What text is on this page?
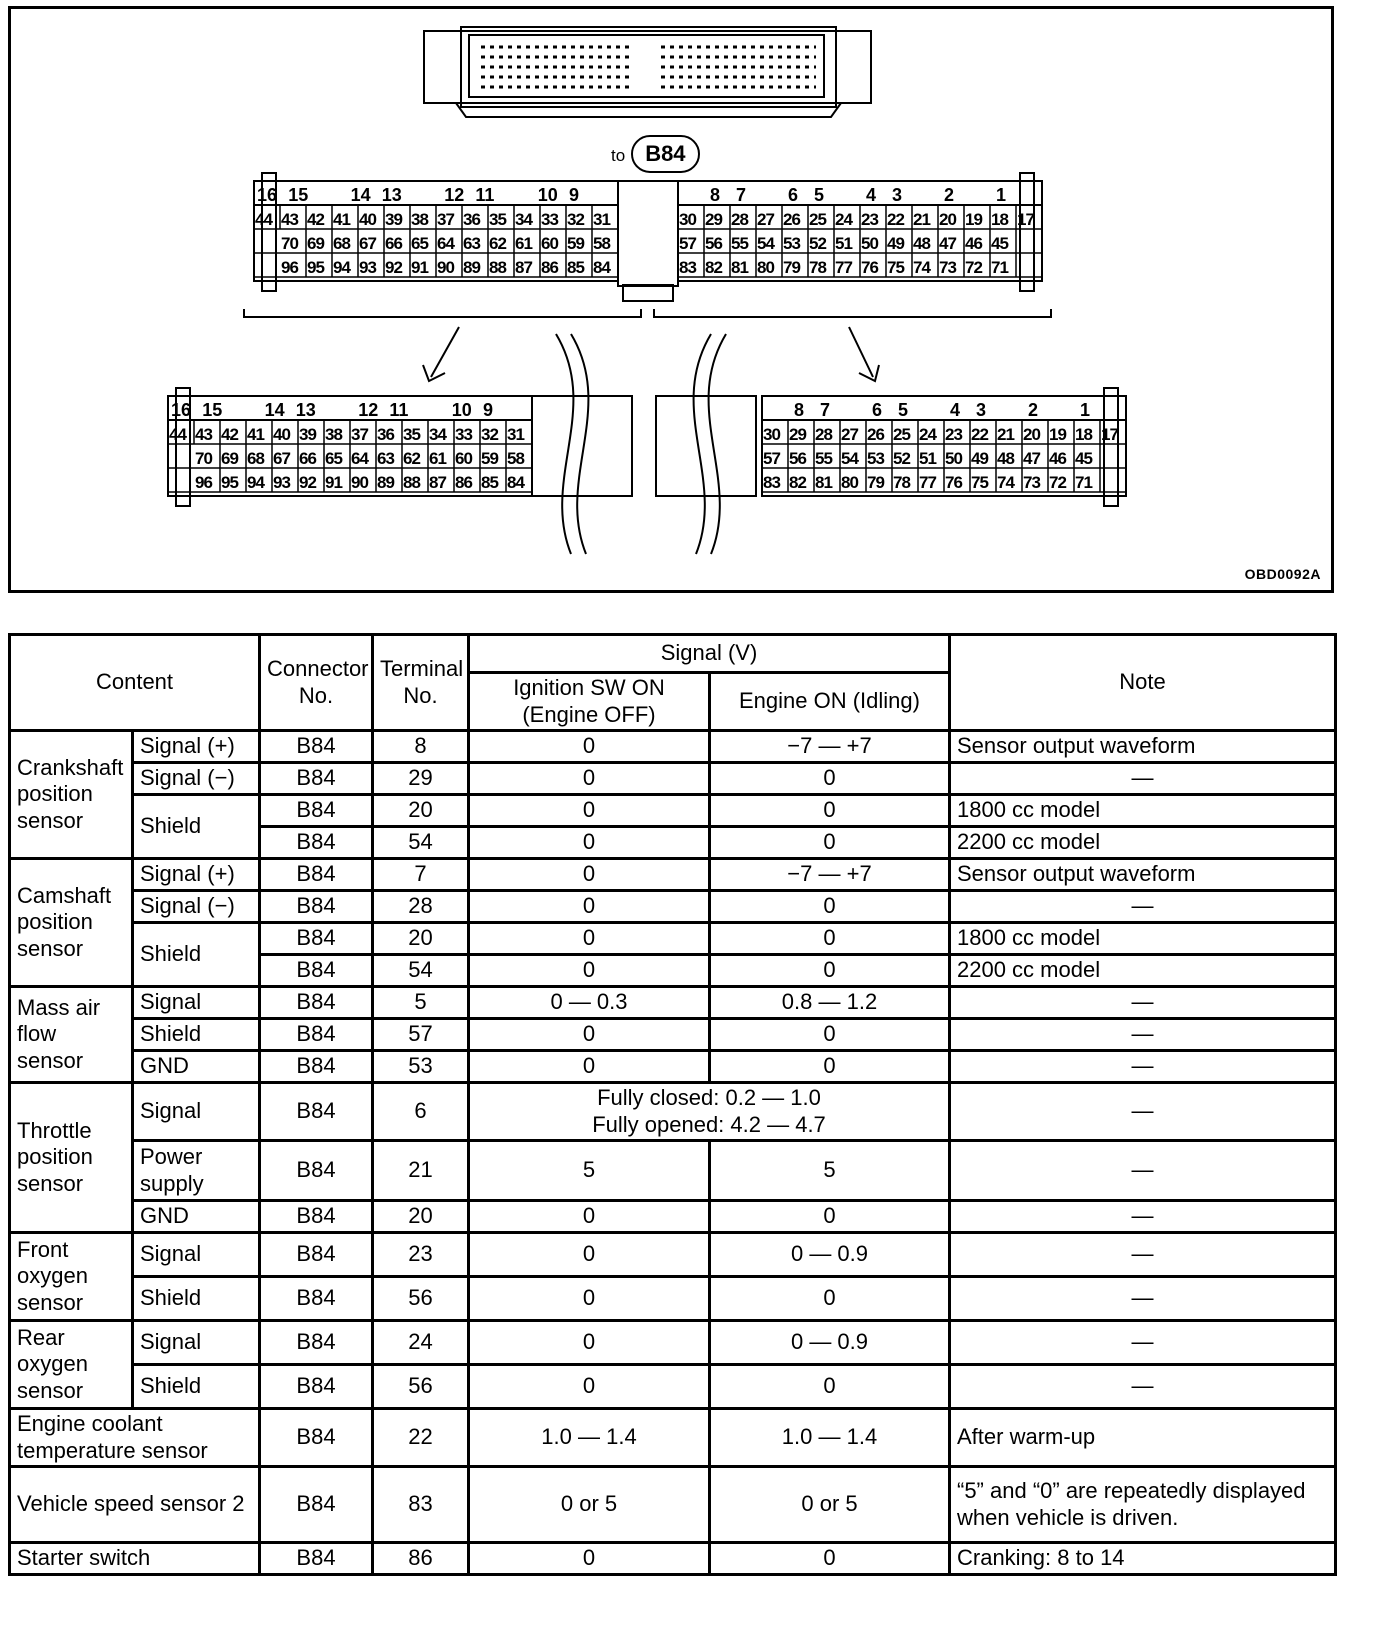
16 15 14 13 12 11 10 9	8 7 6 5 4 3 2 1
44 43 42 41 40 39 38 37 36 35 34 33 32 31
70 69 68 67 66 65 64 63 62 61 60 59 58
96 95 94 93 92 91 90 89 88 87 86 85 84
30 29 28 27 26 25 24 23 22 21 20 19 18 17
57 56 55 54 53 52 51 50 49 48 47 46 45
83 82 81 80 79 78 77 76 75 74 73 72 71
16 15 14 13 12 11 10 9	8 7 6 5 4 3 2 1
44 43 42 41 40 39 38 37 36 35 34 33 32 31
70 69 68 67 66 65 64 63 62 61 60 59 58
96 95 94 93 92 91 90 89 88 87 86 85 84
30 29 28 27 26 25 24 23 22 21 20 19 18 17
57 56 55 54 53 52 51 50 49 48 47 46 45
83 82 81 80 79 78 77 76 75 74 73 72 71
to B84
OBD0092A
Content		Connector No.	Terminal No.	Signal (V)		Note
				Ignition SW ON (Engine OFF)	Engine ON (Idling)	
Crankshaft position sensor	Signal (+)	B84	8	0	−7 — +7	Sensor output waveform
	Signal (−)	B84	29	0	0	—
	Shield	B84	20	0	0	1800 cc model
		B84	54	0	0	2200 cc model
Camshaft position sensor	Signal (+)	B84	7	0	−7 — +7	Sensor output waveform
	Signal (−)	B84	28	0	0	—
	Shield	B84	20	0	0	1800 cc model
		B84	54	0	0	2200 cc model
Mass air flow sensor	Signal	B84	5	0 — 0.3	0.8 — 1.2	—
	Shield	B84	57	0	0	—
	GND	B84	53	0	0	—
Throttle position sensor	Signal	B84	6	Fully closed: 0.2 — 1.0
Fully opened: 4.2 — 4.7		—
	Power supply	B84	21	5	5	—
	GND	B84	20	0	0	—
Front oxygen sensor	Signal	B84	23	0	0 — 0.9	—
	Shield	B84	56	0	0	—
Rear oxygen sensor	Signal	B84	24	0	0 — 0.9	—
	Shield	B84	56	0	0	—
Engine coolant temperature sensor		B84	22	1.0 — 1.4	1.0 — 1.4	After warm-up
Vehicle speed sensor 2		B84	83	0 or 5	0 or 5	“5” and “0” are repeatedly displayed when vehicle is driven.
Starter switch		B84	86	0	0	Cranking: 8 to 14
